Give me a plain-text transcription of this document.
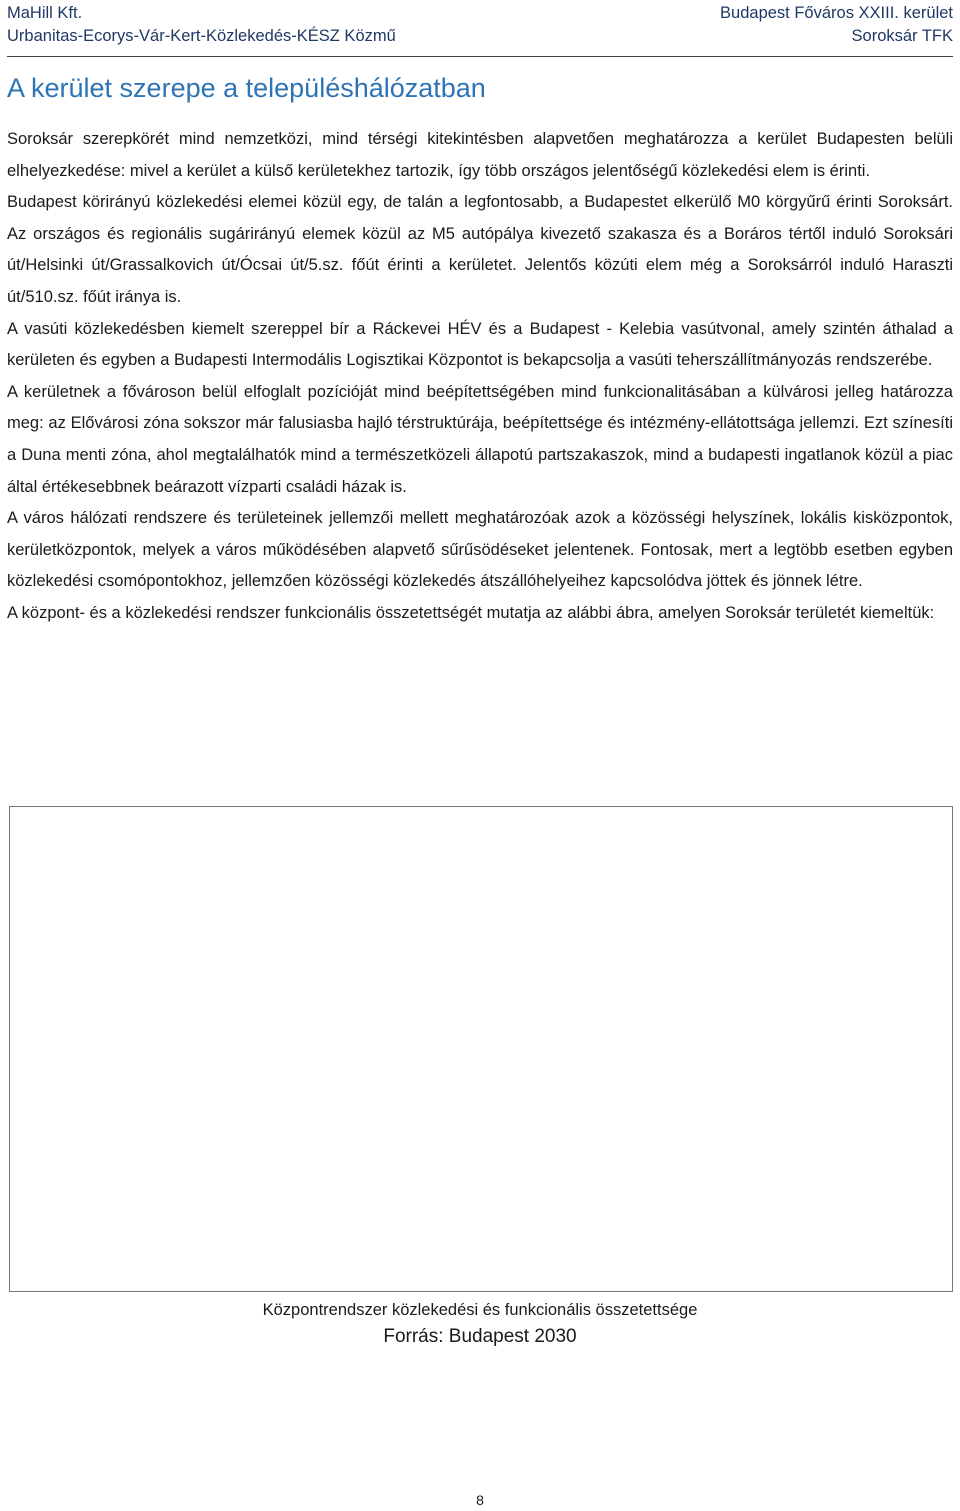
MaHill Kft.
Urbanitas-Ecorys-Vár-Kert-Közlekedés-KÉSZ Közmű
Budapest Főváros XXIII. kerület
Soroksár TFK
A kerület szerepe a településhálózatban

Soroksár szerepkörét mind nemzetközi, mind térségi kitekintésben alapvetően meghatározza a kerület Budapesten belüli elhelyezkedése: mivel a kerület a külső kerületekhez tartozik, így több országos jelentőségű közlekedési elem is érinti.

Budapest körirányú közlekedési elemei közül egy, de talán a legfontosabb, a Budapestet elkerülő M0 körgyűrű érinti Soroksárt. Az országos és regionális sugárirányú elemek közül az M5 autópálya kivezető szakasza és a Boráros tértől induló Soroksári út/Helsinki út/Grassalkovich út/Ócsai út/5.sz. főút érinti a kerületet. Jelentős közúti elem még a Soroksárról induló Haraszti út/510.sz. főút iránya is.

A vasúti közlekedésben kiemelt szereppel bír a Ráckevei HÉV és a Budapest - Kelebia vasútvonal, amely szintén áthalad a kerületen és egyben a Budapesti Intermodális Logisztikai Központot is bekapcsolja a vasúti teherszállítmányozás rendszerébe.

A kerületnek a fővároson belül elfoglalt pozícióját mind beépítettségében mind funkcionalitásában a külvárosi jelleg határozza meg: az Elővárosi zóna sokszor már falusiasba hajló térstruktúrája, beépítettsége és intézmény-ellátottsága jellemzi. Ezt színesíti a Duna menti zóna, ahol megtalálhatók mind a természetközeli állapotú partszakaszok, mind a budapesti ingatlanok közül a piac által értékesebbnek beárazott vízparti családi házak is.

A város hálózati rendszere és területeinek jellemzői mellett meghatározóak azok a közösségi helyszínek, lokális kisközpontok, kerületközpontok, melyek a város működésében alapvető sűrűsödéseket jelentenek. Fontosak, mert a legtöbb esetben egyben közlekedési csomópontokhoz, jellemzően közösségi közlekedés átszállóhelyeihez kapcsolódva jöttek és jönnek létre.

A központ- és a közlekedési rendszer funkcionális összetettségét mutatja az alábbi ábra, amelyen Soroksár területét kiemeltük:

Központrendszer közlekedési és funkcionális összetettsége
Forrás: Budapest 2030
8
